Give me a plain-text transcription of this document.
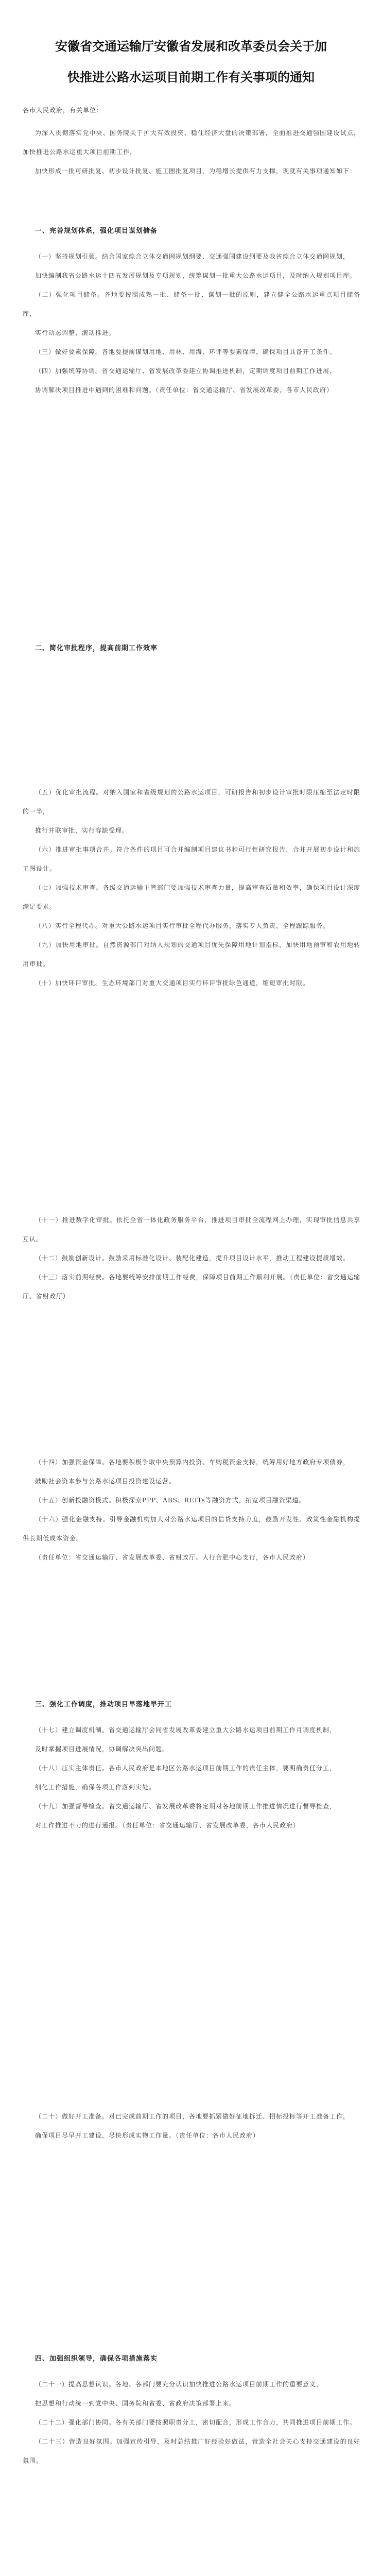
安徽省交通运输厅安徽省发展和改革委员会关于加
快推进公路水运项目前期工作有关事项的通知

各市人民政府，有关单位：

为深入贯彻落实党中央、国务院关于扩大有效投资、稳住经济大盘的决策部署，全面推进交通强国建设试点，加快推进公路水运重大项目前期工作，

加快形成一批可研批复、初步设计批复、施工图批复项目，为稳增长提供有力支撑，现就有关事项通知如下：

一、完善规划体系，强化项目谋划储备

（一）坚持规划引领。结合国家综合立体交通网规划纲要、交通强国建设纲要及我省综合立体交通网规划，

加快编制我省公路水运十四五发展规划及专项规划，统筹谋划一批重大公路水运项目，及时纳入规划项目库。

（二）强化项目储备。各地要按照成熟一批、储备一批、谋划一批的原则，建立健全公路水运重点项目储备库，

实行动态调整，滚动推进。

（三）做好要素保障。各地要提前谋划用地、用林、用海、环评等要素保障，确保项目具备开工条件。

（四）加强统筹协调。省交通运输厅、省发展改革委建立协调推进机制，定期调度项目前期工作进展，

协调解决项目推进中遇到的困难和问题。（责任单位：省交通运输厅、省发展改革委，各市人民政府）

二、简化审批程序，提高前期工作效率

（五）优化审批流程。对纳入国家和省级规划的公路水运项目，可研报告和初步设计审批时限压缩至法定时限的一半，

推行并联审批，实行容缺受理。

（六）推进审批事项合并。符合条件的项目可合并编制项目建议书和可行性研究报告，合并开展初步设计和施工图设计。

（七）加强技术审查。各级交通运输主管部门要加强技术审查力量，提高审查质量和效率，确保项目设计深度满足要求。

（八）实行全程代办。对重大公路水运项目实行审批全程代办服务，落实专人负责，全程跟踪服务。

（九）加快用地审批。自然资源部门对纳入规划的交通项目优先保障用地计划指标，加快用地预审和农用地转用审批。

（十）加快环评审批。生态环境部门对重大交通项目实行环评审批绿色通道，缩短审批时限。

（十一）推进数字化审批。依托全省一体化政务服务平台，推进项目审批全流程网上办理，实现审批信息共享互认。

（十二）鼓励创新设计。鼓励采用标准化设计、装配化建造，提升项目设计水平，推动工程建设提质增效。

（十三）落实前期经费。各地要统筹安排前期工作经费，保障项目前期工作顺利开展。（责任单位：省交通运输厅、省财政厅）

（十四）加强资金保障。各地要积极争取中央预算内投资、车购税资金支持，统筹用好地方政府专项债券，

鼓励社会资本参与公路水运项目投资建设运营。

（十五）创新投融资模式。积极探索PPP、ABS、REITs等融资方式，拓宽项目融资渠道。

（十六）强化金融支持。引导金融机构加大对公路水运项目的信贷支持力度，鼓励开发性、政策性金融机构提供长期低成本资金。

（责任单位：省交通运输厅、省发展改革委、省财政厅、人行合肥中心支行，各市人民政府）

三、强化工作调度，推动项目早落地早开工

（十七）建立调度机制。省交通运输厅会同省发展改革委建立重大公路水运项目前期工作月调度机制，

及时掌握项目进展情况，协调解决突出问题。

（十八）压实主体责任。各市人民政府是本地区公路水运项目前期工作的责任主体，要明确责任分工，

细化工作措施，确保各项工作落到实处。

（十九）加强督导检查。省交通运输厅、省发展改革委将定期对各地前期工作推进情况进行督导检查，

对工作推进不力的进行通报。（责任单位：省交通运输厅、省发展改革委，各市人民政府）

（二十）做好开工准备。对已完成前期工作的项目，各地要抓紧做好征地拆迁、招标投标等开工准备工作，

确保项目尽早开工建设，尽快形成实物工作量。（责任单位：各市人民政府）

四、加强组织领导，确保各项措施落实

（二十一）提高思想认识。各地、各部门要充分认识加快推进公路水运项目前期工作的重要意义，

把思想和行动统一到党中央、国务院和省委、省政府决策部署上来。

（二十二）强化部门协同。各有关部门要按照职责分工，密切配合，形成工作合力，共同推进项目前期工作。

（二十三）营造良好氛围。加强宣传引导，及时总结推广好经验好做法，营造全社会关心支持交通建设的良好氛围。
